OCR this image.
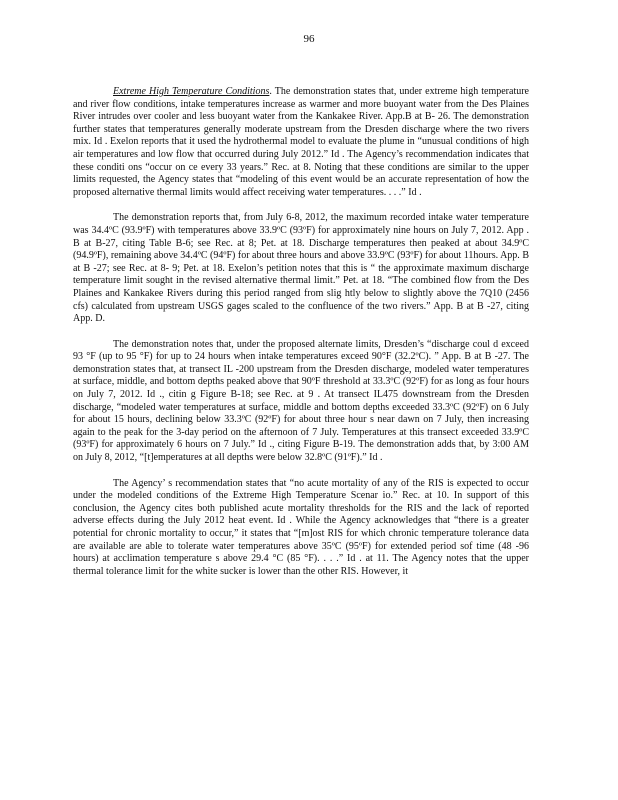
96

Extreme High Temperature Conditions. The demonstration states that, under extreme high temperature and river flow conditions, intake temperatures increase as warmer and more buoyant water from the Des Plaines River intrudes over cooler and less buoyant water from the Kankakee River. App.B at B- 26. The demonstration further states that temperatures generally moderate upstream from the Dresden discharge where the two rivers mix. Id . Exelon reports that it used the hydrothermal model to evaluate the plume in “unusual conditions of high air temperatures and low flow that occurred during July 2012.” Id . The Agency’s recommendation indicates that these conditi ons “occur on ce every 33 years.” Rec. at 8. Noting that these conditions are similar to the upper limits requested, the Agency states that “modeling of this event would be an accurate representation of how the proposed alternative thermal limits would affect receiving water temperatures. . . .” Id .

The demonstration reports that, from July 6-8, 2012, the maximum recorded intake water temperature was 34.4ºC (93.9ºF) with temperatures above 33.9ºC (93ºF) for approximately nine hours on July 7, 2012. App . B at B-27, citing Table B-6; see Rec. at 8; Pet. at 18. Discharge temperatures then peaked at about 34.9ºC (94.9ºF), remaining above 34.4ºC (94ºF) for about three hours and above 33.9ºC (93ºF) for about 11hours. App. B at B -27; see Rec. at 8- 9; Pet. at 18. Exelon’s petition notes that this is “ the approximate maximum discharge temperature limit sought in the revised alternative thermal limit.” Pet. at 18. “The combined flow from the Des Plaines and Kankakee Rivers during this period ranged from slig htly below to slightly above the 7Q10 (2456 cfs) calculated from upstream USGS gages scaled to the confluence of the two rivers.” App. B at B -27, citing App. D.

The demonstration notes that, under the proposed alternate limits, Dresden’s “discharge coul d exceed 93 °F (up to 95 °F) for up to 24 hours when intake temperatures exceed 90°F (32.2ºC). ” App. B at B -27. The demonstration states that, at transect IL -200 upstream from the Dresden discharge, modeled water temperatures at surface, middle, and bottom depths peaked above that 90ºF threshold at 33.3ºC (92ºF) for as long as four hours on July 7, 2012. Id ., citin g Figure B-18; see Rec. at 9 . At transect IL475 downstream from the Dresden discharge, “modeled water temperatures at surface, middle and bottom depths exceeded 33.3ºC (92ºF) on 6 July for about 15 hours, declining below 33.3ºC (92ºF) for about three hour s near dawn on 7 July, then increasing again to the peak for the 3-day period on the afternoon of 7 July. Temperatures at this transect exceeded 33.9ºC (93ºF) for approximately 6 hours on 7 July.” Id ., citing Figure B-19. The demonstration adds that, by 3:00 AM on July 8, 2012, “[t]emperatures at all depths were below 32.8ºC (91ºF).” Id .

The Agency’ s recommendation states that “no acute mortality of any of the RIS is expected to occur under the modeled conditions of the Extreme High Temperature Scenar io.” Rec. at 10. In support of this conclusion, the Agency cites both published acute mortality thresholds for the RIS and the lack of reported adverse effects during the July 2012 heat event. Id . While the Agency acknowledges that “there is a greater potential for chronic mortality to occur,” it states that “[m]ost RIS for which chronic temperature tolerance data are available are able to tolerate water temperatures above 35ºC (95ºF) for extended period sof time (48 -96 hours) at acclimation temperature s above 29.4 °C (85 °F). . . .” Id . at 11. The Agency notes that the upper thermal tolerance limit for the white sucker is lower than the other RIS. However, it
